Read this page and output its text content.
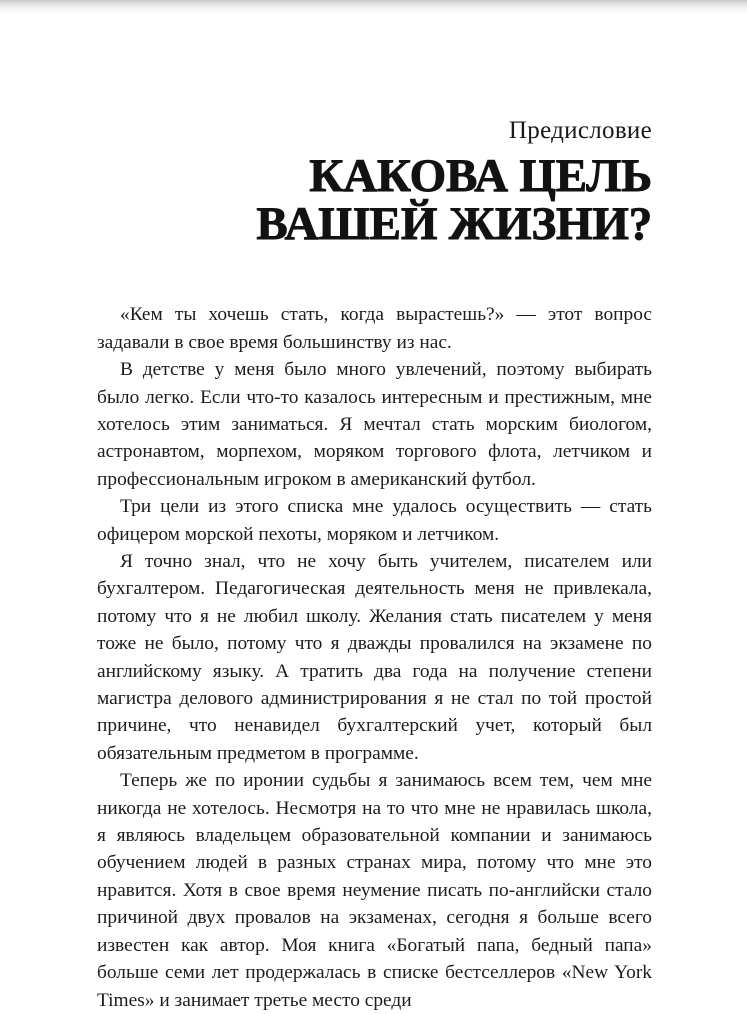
Предисловие
КАКОВА ЦЕЛЬ
ВАШЕЙ ЖИЗНИ?

«Кем ты хочешь стать, когда вырастешь?» — этот вопрос задавали в свое время большинству из нас.

В детстве у меня было много увлечений, поэтому выбирать было легко. Если что-то казалось интересным и престижным, мне хотелось этим заниматься. Я мечтал стать морским биологом, астронавтом, морпехом, моряком торгового флота, летчиком и профессиональным игроком в американский футбол.

Три цели из этого списка мне удалось осуществить — стать офицером морской пехоты, моряком и летчиком.

Я точно знал, что не хочу быть учителем, писателем или бухгалтером. Педагогическая деятельность меня не привлекала, потому что я не любил школу. Желания стать писателем у меня тоже не было, потому что я дважды провалился на экзамене по английскому языку. А тратить два года на получение степени магистра делового администрирования я не стал по той простой причине, что ненавидел бухгалтерский учет, который был обязательным предметом в программе.

Теперь же по иронии судьбы я занимаюсь всем тем, чем мне никогда не хотелось. Несмотря на то что мне не нравилась школа, я являюсь владельцем образовательной компании и занимаюсь обучением людей в разных странах мира, потому что мне это нравится. Хотя в свое время неумение писать по-английски стало причиной двух провалов на экзаменах, сегодня я больше всего известен как автор. Моя книга «Богатый папа, бедный папа» больше семи лет продержалась в списке бестселлеров «New York Times» и занимает третье место среди
